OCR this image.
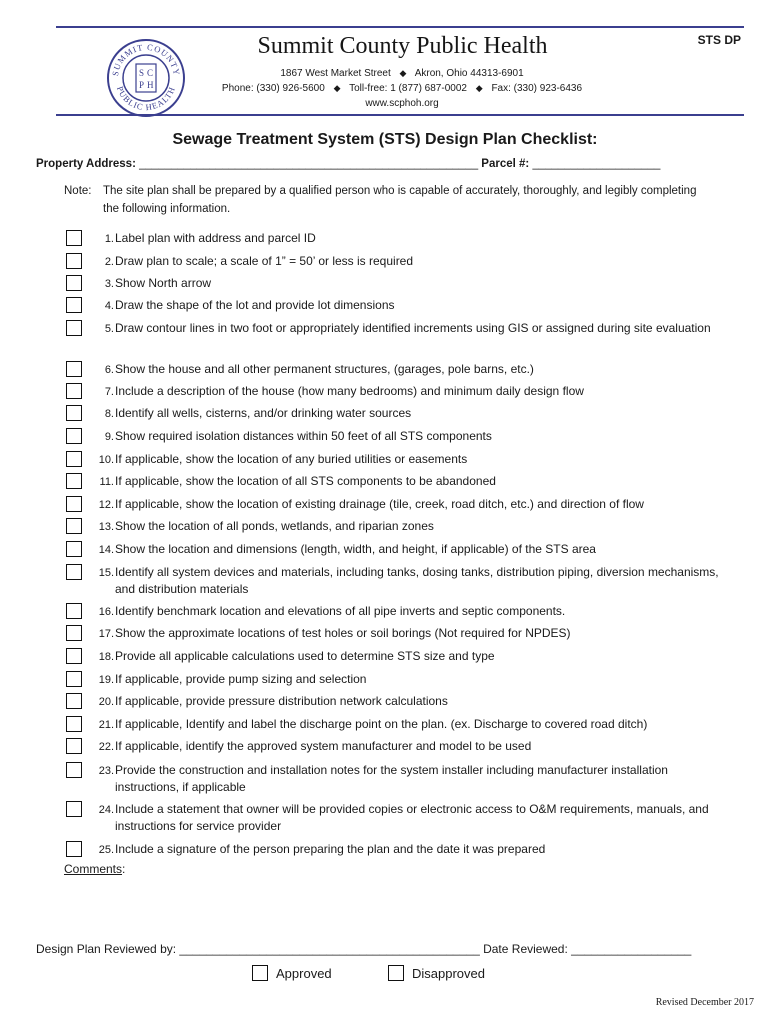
SUMMIT COUNTY
PUBLIC HEALTH
S C
P H
Summit County Public Health	STS DP
1867 West Market Street ◆ Akron, Ohio 44313-6901
Phone: (330) 926-5600 ◆ Toll-free: 1 (877) 687-0002 ◆ Fax: (330) 923-6436
www.scphoh.org
Sewage Treatment System (STS) Design Plan Checklist:
Property Address: _____________________________________________________ Parcel #: ____________________
Note: The site plan shall be prepared by a qualified person who is capable of accurately, thoroughly, and legibly completing the following information.
1. Label plan with address and parcel ID
2. Draw plan to scale; a scale of 1” = 50’ or less is required
3. Show North arrow
4. Draw the shape of the lot and provide lot dimensions
5. Draw contour lines in two foot or appropriately identified increments using GIS or assigned during site evaluation
6. Show the house and all other permanent structures, (garages, pole barns, etc.)
7. Include a description of the house (how many bedrooms) and minimum daily design flow
8. Identify all wells, cisterns, and/or drinking water sources
9. Show required isolation distances within 50 feet of all STS components
10. If applicable, show the location of any buried utilities or easements
11. If applicable, show the location of all STS components to be abandoned
12. If applicable, show the location of existing drainage (tile, creek, road ditch, etc.) and direction of flow
13. Show the location of all ponds, wetlands, and riparian zones
14. Show the location and dimensions (length, width, and height, if applicable) of the STS area
15. Identify all system devices and materials, including tanks, dosing tanks, distribution piping, diversion mechanisms, and distribution materials
16. Identify benchmark location and elevations of all pipe inverts and septic components.
17. Show the approximate locations of test holes or soil borings (Not required for NPDES)
18. Provide all applicable calculations used to determine STS size and type
19. If applicable, provide pump sizing and selection
20. If applicable, provide pressure distribution network calculations
21. If applicable, Identify and label the discharge point on the plan. (ex. Discharge to covered road ditch)
22. If applicable, identify the approved system manufacturer and model to be used
23. Provide the construction and installation notes for the system installer including manufacturer installation instructions, if applicable
24. Include a statement that owner will be provided copies or electronic access to O&M requirements, manuals, and instructions for service provider
25. Include a signature of the person preparing the plan and the date it was prepared
Comments:
Design Plan Reviewed by: _____________________________________________ Date Reviewed: __________________
Approved	Disapproved
Revised December 2017
